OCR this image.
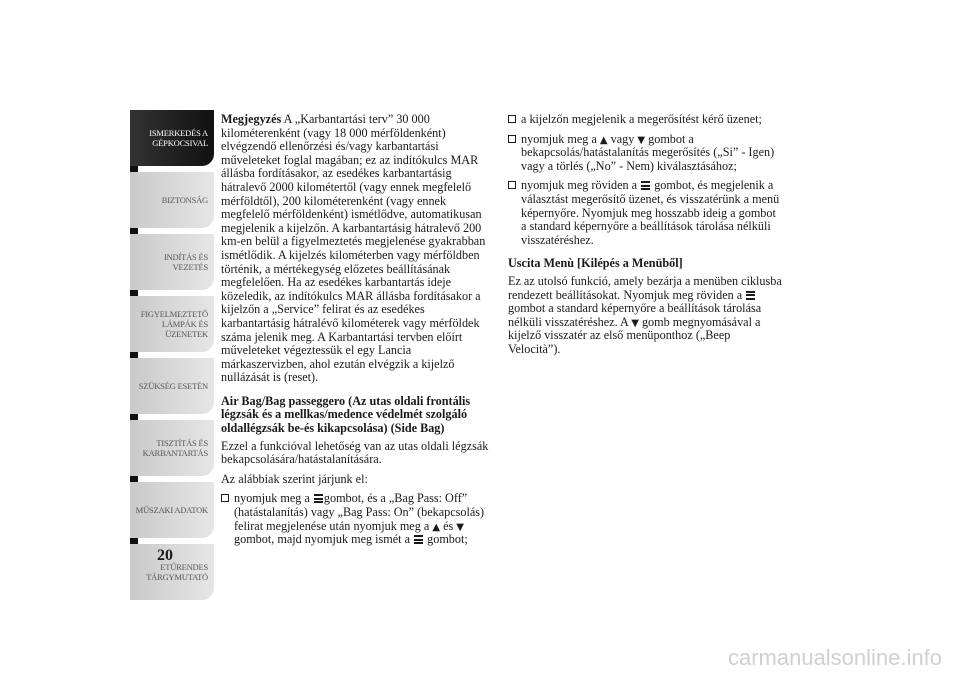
ISMERKEDÉS A
GÉPKOCSIVAL
BIZTONSÁG
INDÍTÁS ÉS
VEZETÉS
FIGYELMEZTETŐ
LÁMPÁK ÉS
ÜZENETEK
SZÜKSÉG ESETÉN
TISZTÍTÁS ÉS
KARBANTARTÁS
MŰSZAKI ADATOK
ETŰRENDES
TÁRGYMUTATÓ
20

Megjegyzés A „Karbantartási terv” 30 000 kilométerenként (vagy 18 000 mérföldenként) elvégzendő ellenőrzési és/vagy karbantartási műveleteket foglal magában; ez az indítókulcs MAR állásba fordításakor, az esedékes karbantartásig hátralevő 2000 kilométertől (vagy ennek megfelelő mérföldtől), 200 kilométerenként (vagy ennek megfelelő mérföldenként) ismétlődve, automatikusan megjelenik a kijelzőn. A karbantartásig hátralevő 200 km-en belül a figyelmeztetés megjelenése gyakrabban ismétlődik. A kijelzés kilométerben vagy mérföldben történik, a mértékegység előzetes beállításának megfelelően. Ha az esedékes karbantartás ideje közeledik, az indítókulcs MAR állásba fordításakor a kijelzőn a „Service” felirat és az esedékes karbantartásig hátralévő kilométerek vagy mérföldek száma jelenik meg. A Karbantartási tervben előírt műveleteket végeztessük el egy Lancia márkaszervizben, ahol ezután elvégzik a kijelző nullázását is (reset).

Air Bag/Bag passeggero (Az utas oldali frontális légzsák és a mellkas/medence védelmét szolgáló oldallégzsák be-és kikapcsolása) (Side Bag)

Ezzel a funkcióval lehetőség van az utas oldali légzsák bekapcsolására/hatástalanítására.

Az alábbiak szerint járjunk el:

nyomjuk meg a
gombot, és a „Bag Pass: Off” (hatástalanítás) vagy „Bag Pass: On” (bekapcsolás) felirat megjelenése után nyomjuk meg a ▲ és ▼ gombot, majd nyomjuk meg ismét a
gombot;
a kijelzőn megjelenik a megerősítést kérő üzenet;
nyomjuk meg a ▲ vagy ▼ gombot a bekapcsolás/hatástalanítás megerősítés („Si” - Igen) vagy a törlés („No” - Nem) kiválasztásához;
nyomjuk meg röviden a
gombot, és megjelenik a választást megerősítő üzenet, és visszatérünk a menü képernyőre. Nyomjuk meg hosszabb ideig a gombot a standard képernyőre a beállítások tárolása nélküli visszatéréshez.

Uscita Menù [Kilépés a Menüből]

Ez az utolsó funkció, amely bezárja a menüben ciklusba rendezett beállításokat. Nyomjuk meg röviden a
gombot a standard képernyőre a beállítások tárolása nélküli visszatéréshez. A ▼ gomb megnyomásával a kijelző visszatér az első menüponthoz („Beep Velocità”).

carmanualsonline.info
